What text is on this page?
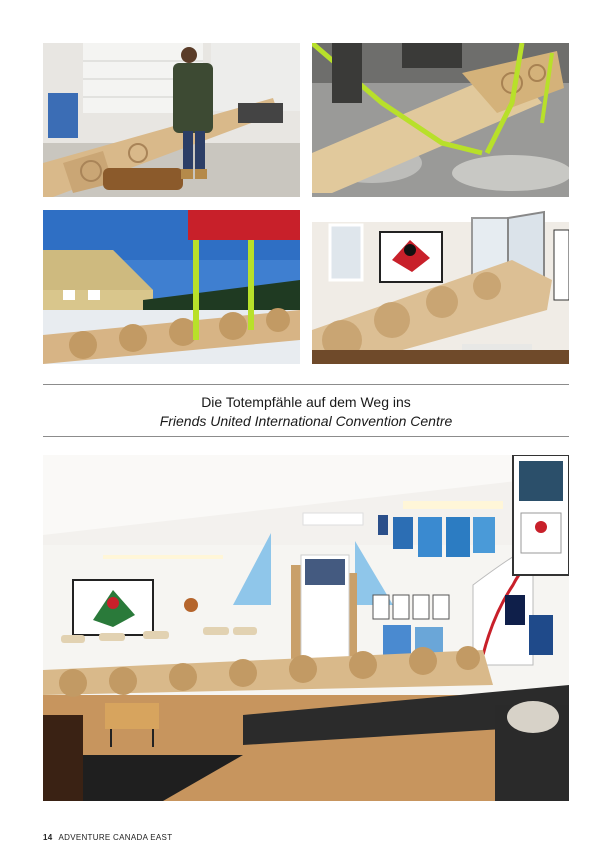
Die Totempfähle auf dem Weg ins
Friends United International Convention Centre
14 ADVENTURE CANADA EAST
